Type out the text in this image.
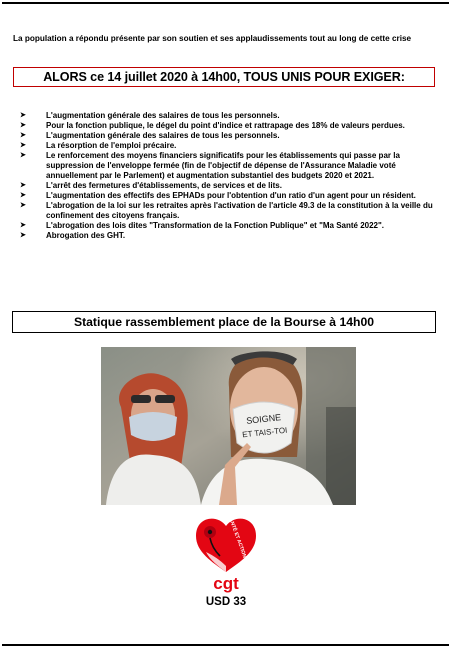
La population a répondu présente par son soutien et ses applaudissements tout au long de cette crise
ALORS ce 14 juillet 2020 à 14h00, TOUS UNIS POUR EXIGER:
➤	L'augmentation générale des salaires de tous les personnels.
➤	Pour la fonction publique, le dégel du point d'indice et rattrapage des 18% de valeurs perdues.
➤	L'augmentation générale des salaires de tous les personnels.
➤	La résorption de l'emploi précaire.
➤	Le renforcement des moyens financiers significatifs pour les établissements qui passe par la suppression de l'enveloppe fermée (fin de l'objectif de dépense de l'Assurance Maladie voté annuellement par le Parlement) et augmentation substantiel des budgets 2020 et 2021.
➤	L'arrêt des fermetures d'établissements, de services et de lits.
➤	L'augmentation des effectifs des EPHADs pour l'obtention d'un ratio d'un agent pour un résident.
➤	L'abrogation de la loi sur les retraites après l'activation de l'article 49.3 de la constitution à la veille du confinement des citoyens français.
➤	L'abrogation des lois dites "Transformation de la Fonction Publique" et "Ma Santé 2022".
➤	Abrogation des GHT.
Statique rassemblement place de la Bourse à 14h00
SOIGNE
ET TAIS-TOI
SANTÉ ET ACTION SOCIALE
cgt
USD 33
